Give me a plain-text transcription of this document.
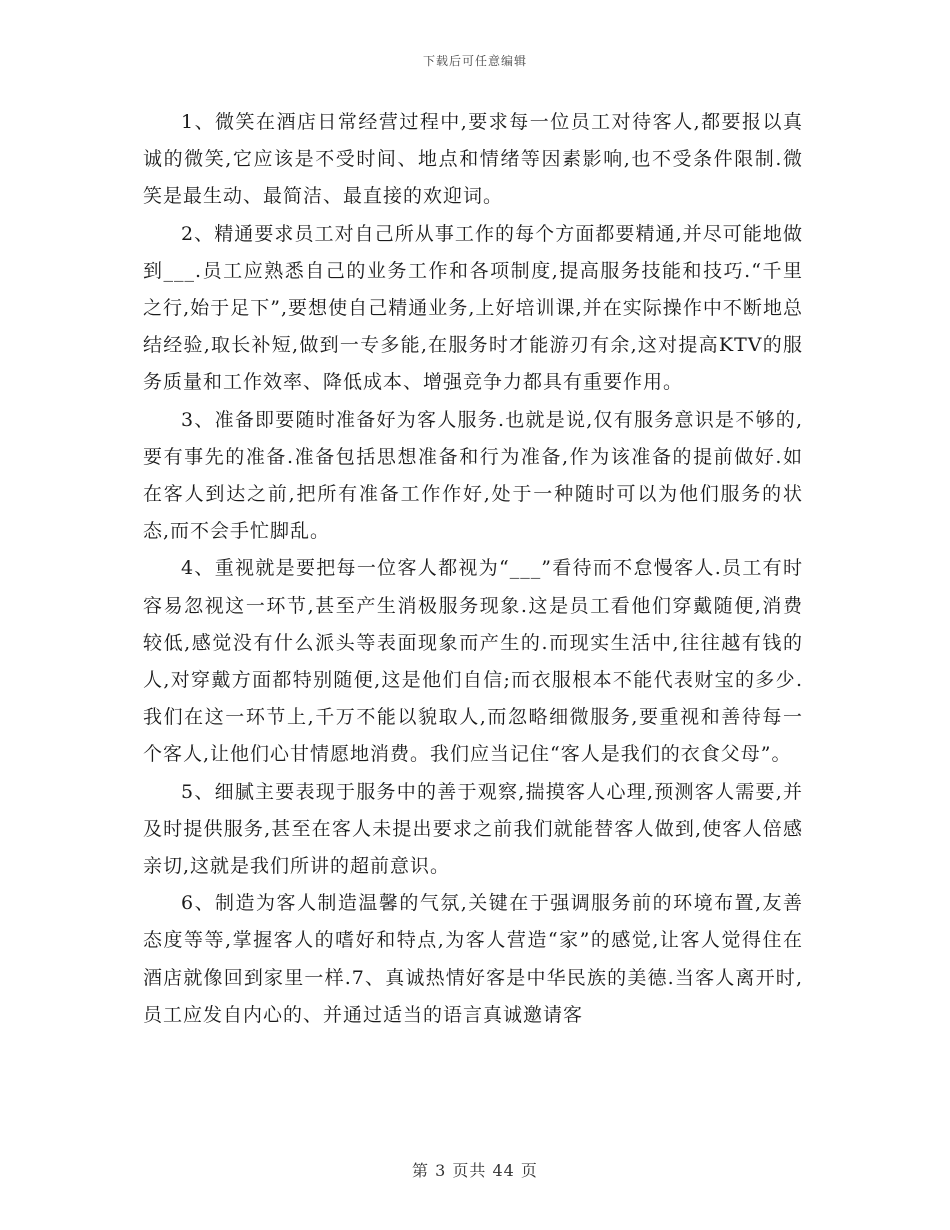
下载后可任意编辑

1、微笑在酒店日常经营过程中,要求每一位员工对待客人,都要报以真诚的微笑,它应该是不受时间、地点和情绪等因素影响,也不受条件限制.微笑是最生动、最简洁、最直接的欢迎词。

2、精通要求员工对自己所从事工作的每个方面都要精通,并尽可能地做到___.员工应熟悉自己的业务工作和各项制度,提高服务技能和技巧.“千里之行,始于足下”,要想使自己精通业务,上好培训课,并在实际操作中不断地总结经验,取长补短,做到一专多能,在服务时才能游刃有余,这对提高KTV的服务质量和工作效率、降低成本、增强竞争力都具有重要作用。

3、准备即要随时准备好为客人服务.也就是说,仅有服务意识是不够的,要有事先的准备.准备包括思想准备和行为准备,作为该准备的提前做好.如在客人到达之前,把所有准备工作作好,处于一种随时可以为他们服务的状态,而不会手忙脚乱。

4、重视就是要把每一位客人都视为“___”看待而不怠慢客人.员工有时容易忽视这一环节,甚至产生消极服务现象.这是员工看他们穿戴随便,消费较低,感觉没有什么派头等表面现象而产生的.而现实生活中,往往越有钱的人,对穿戴方面都特别随便,这是他们自信;而衣服根本不能代表财宝的多少.我们在这一环节上,千万不能以貌取人,而忽略细微服务,要重视和善待每一个客人,让他们心甘情愿地消费。我们应当记住“客人是我们的衣食父母”。

5、细腻主要表现于服务中的善于观察,揣摸客人心理,预测客人需要,并及时提供服务,甚至在客人未提出要求之前我们就能替客人做到,使客人倍感亲切,这就是我们所讲的超前意识。

6、制造为客人制造温馨的气氛,关键在于强调服务前的环境布置,友善态度等等,掌握客人的嗜好和特点,为客人营造“家”的感觉,让客人觉得住在酒店就像回到家里一样.7、真诚热情好客是中华民族的美德.当客人离开时,员工应发自内心的、并通过适当的语言真诚邀请客

第 3 页共 44 页
